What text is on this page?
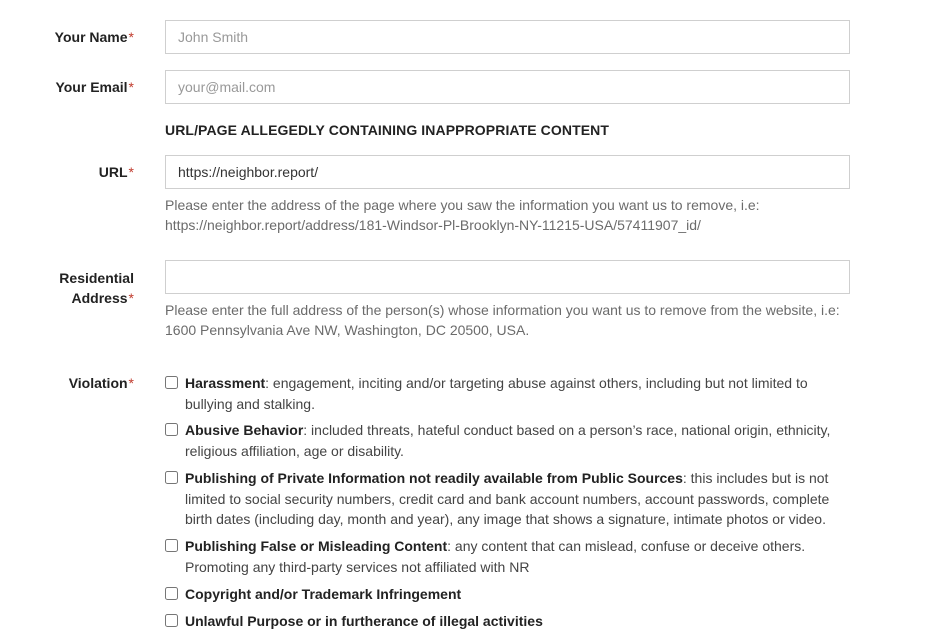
Your Name*
John Smith
Your Email*
your@mail.com
URL/PAGE ALLEGEDLY CONTAINING INAPPROPRIATE CONTENT
URL*
https://neighbor.report/
Please enter the address of the page where you saw the information you want us to remove, i.e:
https://neighbor.report/address/181-Windsor-Pl-Brooklyn-NY-11215-USA/57411907_id/
Residential
Address*
Please enter the full address of the person(s) whose information you want us to remove from the website, i.e:
1600 Pennsylvania Ave NW, Washington, DC 20500, USA.
Violation*	Harassment: engagement, inciting and/or targeting abuse against others, including but not limited to bullying and stalking.
Abusive Behavior: included threats, hateful conduct based on a person’s race, national origin, ethnicity, religious affiliation, age or disability.
Publishing of Private Information not readily available from Public Sources: this includes but is not limited to social security numbers, credit card and bank account numbers, account passwords, complete birth dates (including day, month and year), any image that shows a signature, intimate photos or video.
Publishing False or Misleading Content: any content that can mislead, confuse or deceive others. Promoting any third-party services not affiliated with NR
Copyright and/or Trademark Infringement
Unlawful Purpose or in furtherance of illegal activities
